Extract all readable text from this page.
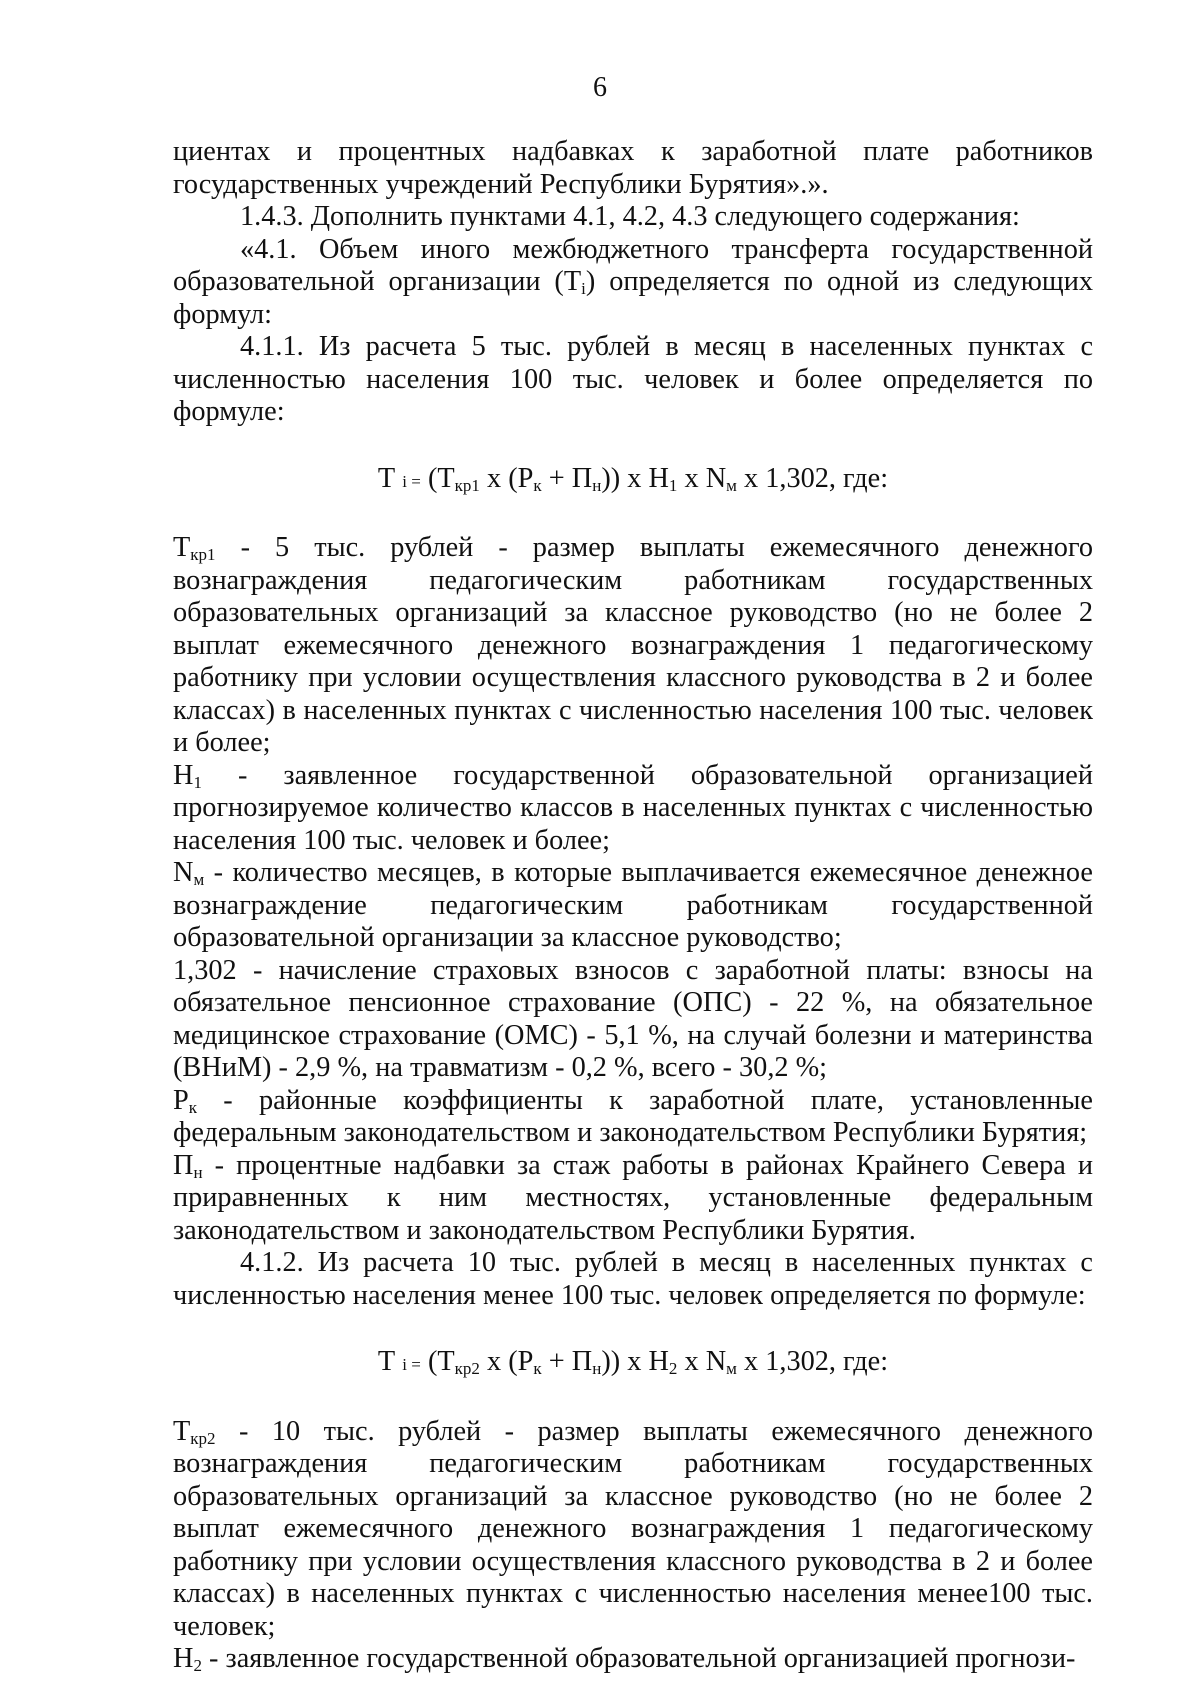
6

циентах и процентных надбавках к заработной плате работников государственных учреждений Республики Бурятия».».

1.4.3. Дополнить пунктами 4.1, 4.2, 4.3 следующего содержания:

«4.1. Объем иного межбюджетного трансферта государственной образовательной организации $(Т_i)$ определяется по одной из следующих формул:

4.1.1. Из расчета 5 тыс. рублей в месяц в населенных пунктах с численностью населения 100 тыс. человек и более определяется по формуле:

Т $i = (Т_{кр1}$ х $(Р_к + П_н)$) х $Н_1$ х $N_м$ х 1,302, где:

$Т_{кр1} - 5$ тыс. рублей - размер выплаты ежемесячного денежного вознаграждения педагогическим работникам государственных образовательных организаций за классное руководство (но не более 2 выплат ежемесячного денежного вознаграждения 1 педагогическому работнику при условии осуществления классного руководства в 2 и более классах) в населенных пунктах с численностью населения 100 тыс. человек и более;

$Н_1$ - заявленное государственной образовательной организацией прогнозируемое количество классов в населенных пунктах с численностью населения 100 тыс. человек и более;

$N_м$ - количество месяцев, в которые выплачивается ежемесячное денежное вознаграждение педагогическим работникам государственной образовательной организации за классное руководство;

1,302 - начисление страховых взносов с заработной платы: взносы на обязательное пенсионное страхование (ОПС) - 22 %, на обязательное медицинское страхование (ОМС) - 5,1 %, на случай болезни и материнства (ВНиМ) - 2,9 %, на травматизм - 0,2 %, всего - 30,2 %;

$Р_к$ - районные коэффициенты к заработной плате, установленные федеральным законодательством и законодательством Республики Бурятия;

$П_н$ - процентные надбавки за стаж работы в районах Крайнего Севера и приравненных к ним местностях, установленные федеральным законодательством и законодательством Республики Бурятия.

4.1.2. Из расчета 10 тыс. рублей в месяц в населенных пунктах с численностью населения менее 100 тыс. человек определяется по формуле:

Т $i = (Т_{кр2}$ х $(Р_к + П_н)$) х $Н_2$ х $N_м$ х 1,302, где:

$Т_{кр2} - 10$ тыс. рублей - размер выплаты ежемесячного денежного вознаграждения педагогическим работникам государственных образовательных организаций за классное руководство (но не более 2 выплат ежемесячного денежного вознаграждения 1 педагогическому работнику при условии осуществления классного руководства в 2 и более классах) в населенных пунктах с численностью населения менее100 тыс. человек;

$Н_2$ - заявленное государственной образовательной организацией прогнози-
